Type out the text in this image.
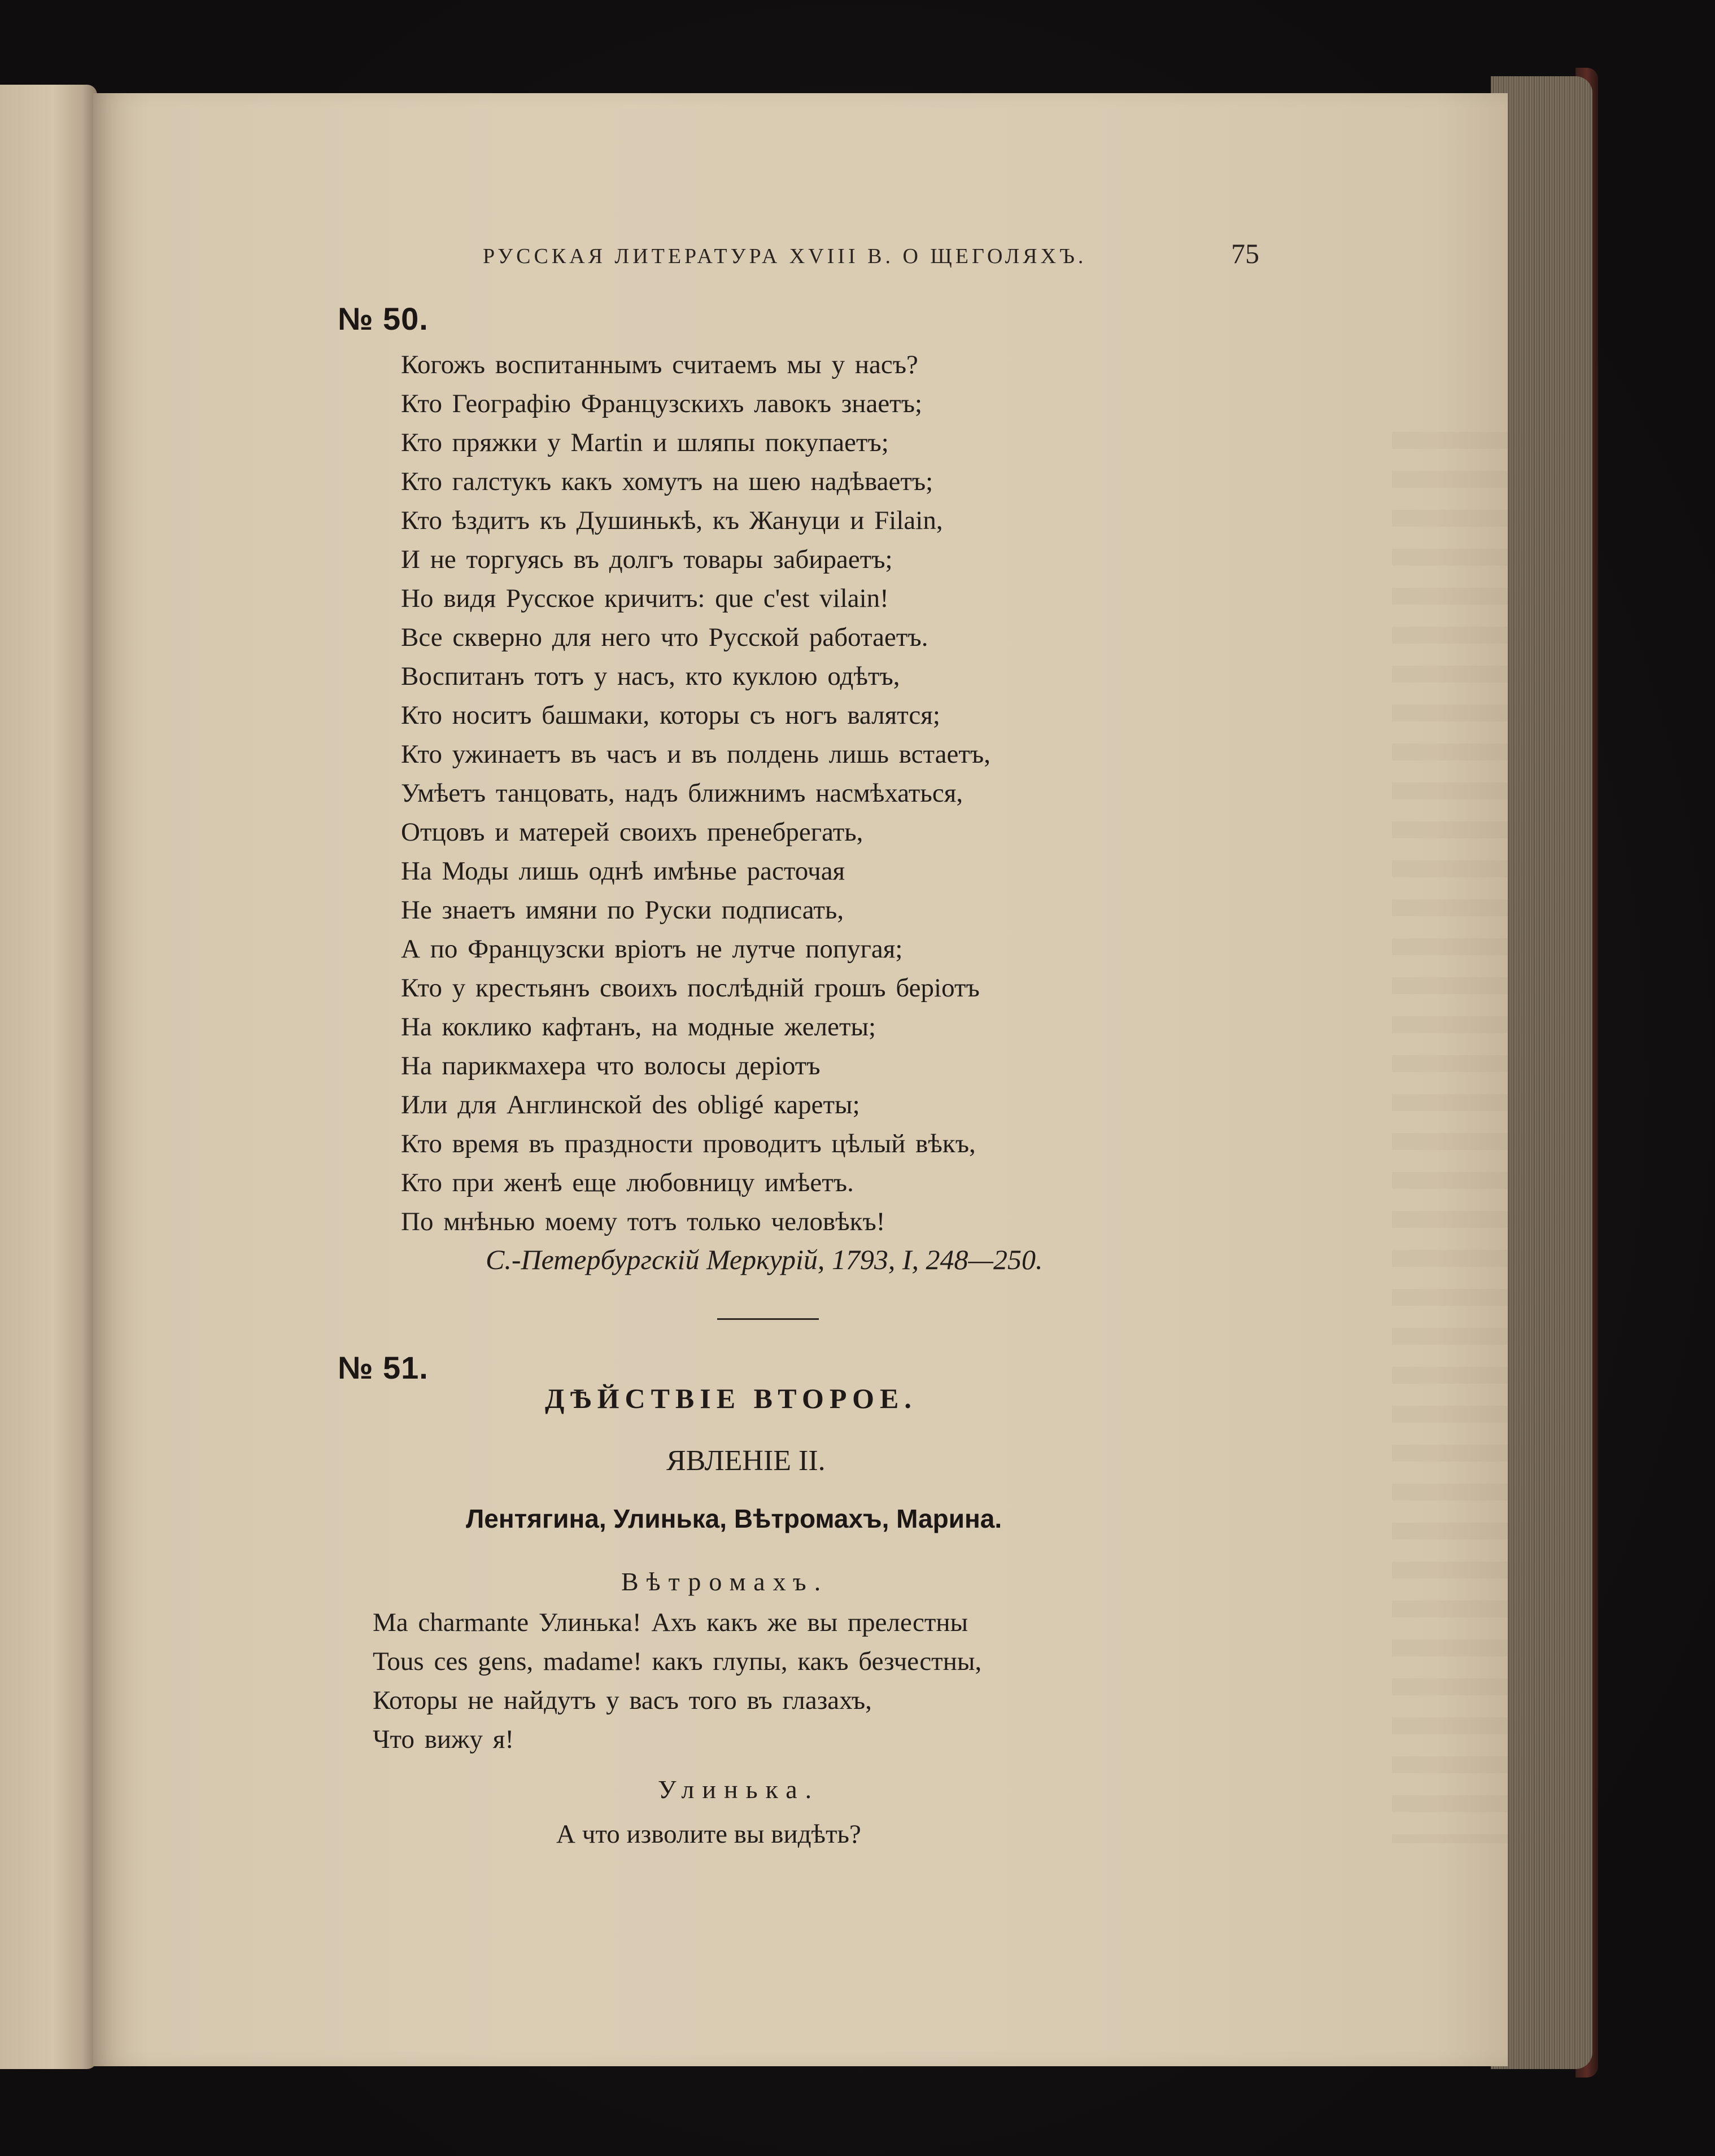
РУССКАЯ ЛИТЕРАТУРА XVIII В. О ЩЕГОЛЯХЪ.	75
№ 50.
Когожъ воспитаннымъ считаемъ мы у насъ?
Кто Географію Французскихъ лавокъ знаетъ;
Кто пряжки у Martin и шляпы покупаетъ;
Кто галстукъ какъ хомутъ на шею надѣваетъ;
Кто ѣздитъ къ Душинькѣ, къ Жануци и Filain,
И не торгуясь въ долгъ товары забираетъ;
Но видя Русское кричитъ: que c'est vilain!
Все скверно для него что Русской работаетъ.
Воспитанъ тотъ у насъ, кто куклою одѣтъ,
Кто носитъ башмаки, которы съ ногъ валятся;
Кто ужинаетъ въ часъ и въ полдень лишь встаетъ,
Умѣетъ танцовать, надъ ближнимъ насмѣхаться,
Отцовъ и матерей своихъ пренебрегать,
На Моды лишь однѣ имѣнье расточая
Не знаетъ имяни по Руски подписать,
А по Французски вріотъ не лутче попугая;
Кто у крестьянъ своихъ послѣдній грошъ беріотъ
На коклико кафтанъ, на модные желеты;
На парикмахера что волосы деріотъ
Или для Англинской des obligé кареты;
Кто время въ праздности проводитъ цѣлый вѣкъ,
Кто при женѣ еще любовницу имѣетъ.
По мнѣнью моему тотъ только человѣкъ!
С.-Петербургскій Меркурій, 1793, I, 248—250.
№ 51.
ДѢЙСТВІЕ ВТОРОЕ.
ЯВЛЕНІЕ II.
Лентягина, Улинька, Вѣтромахъ, Марина.
Вѣтромахъ.
Ma charmante Улинька! Ахъ какъ же вы прелестны
Tous ces gens, madame! какъ глупы, какъ безчестны,
Которы не найдутъ у васъ того въ глазахъ,
Что вижу я!
Улинька.
А что изволите вы видѣть?
